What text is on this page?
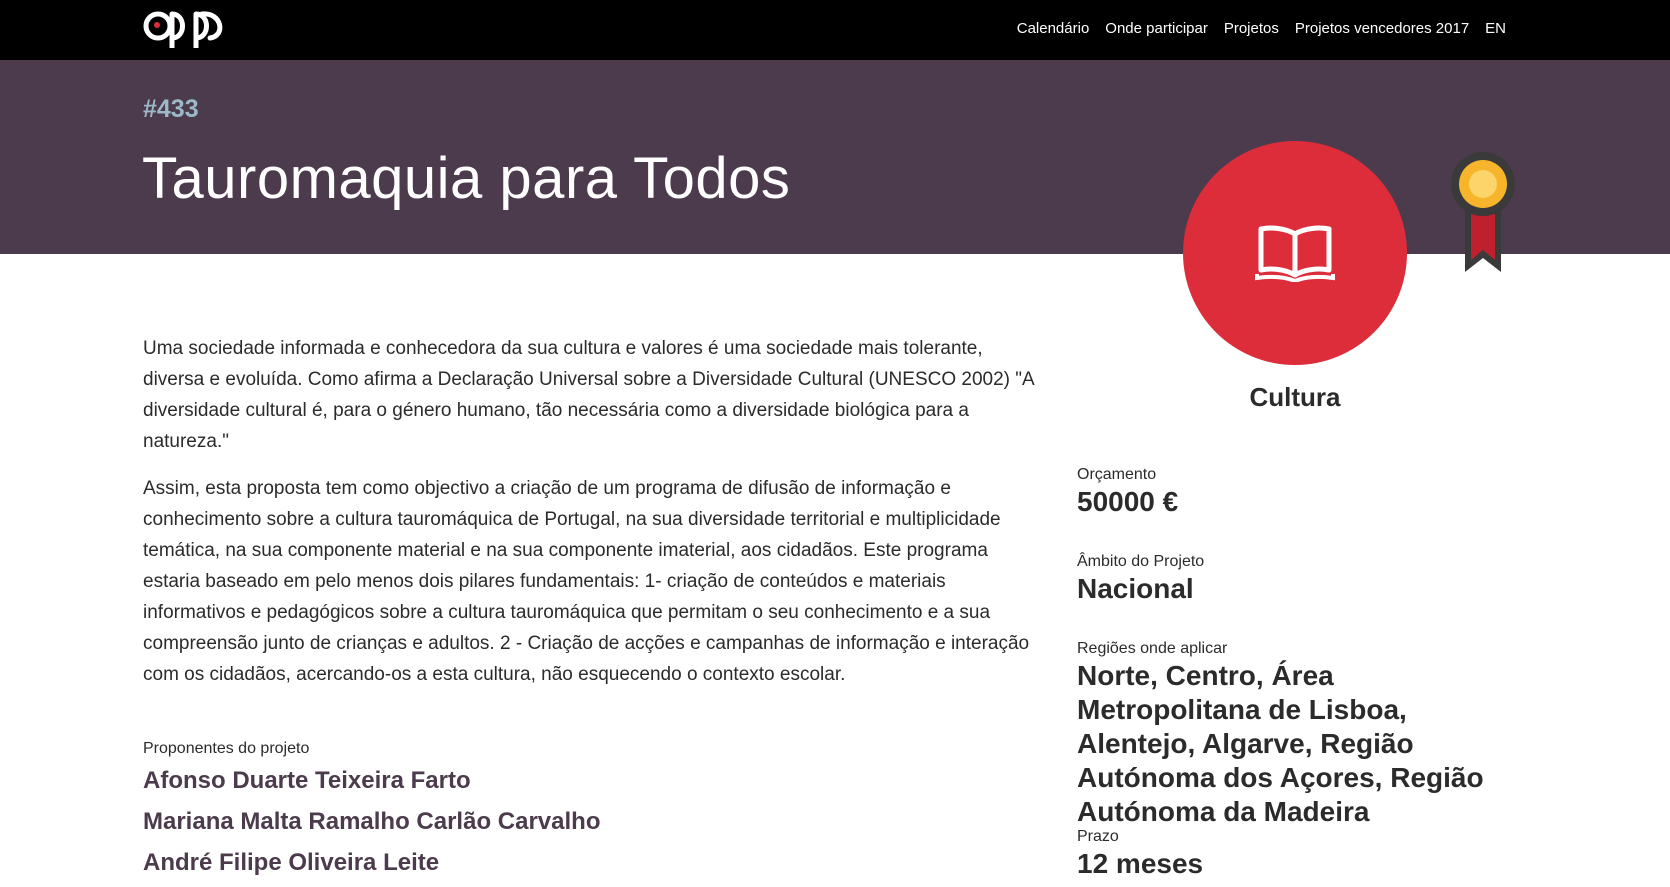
Calendário Onde participar Projetos Projetos vencedores 2017 EN
#433
Tauromaquia para Todos
Cultura

Uma sociedade informada e conhecedora da sua cultura e valores é uma sociedade mais tolerante, diversa e evoluída. Como afirma a Declaração Universal sobre a Diversidade Cultural (UNESCO 2002) "A diversidade cultural é, para o género humano, tão necessária como a diversidade biológica para a natureza."

Assim, esta proposta tem como objectivo a criação de um programa de difusão de informação e conhecimento sobre a cultura tauromáquica de Portugal, na sua diversidade territorial e multiplicidade temática, na sua componente material e na sua componente imaterial, aos cidadãos. Este programa estaria baseado em pelo menos dois pilares fundamentais: 1- criação de conteúdos e materiais informativos e pedagógicos sobre a cultura tauromáquica que permitam o seu conhecimento e a sua compreensão junto de crianças e adultos. 2 - Criação de acções e campanhas de informação e interação com os cidadãos, acercando-os a esta cultura, não esquecendo o contexto escolar.

Proponentes do projeto
Afonso Duarte Teixeira Farto
Mariana Malta Ramalho Carlão Carvalho
André Filipe Oliveira Leite
Orçamento
50000 €
Âmbito do Projeto
Nacional
Regiões onde aplicar
Norte, Centro, Área Metropolitana de Lisboa, Alentejo, Algarve, Região Autónoma dos Açores, Região Autónoma da Madeira
Prazo
12 meses
